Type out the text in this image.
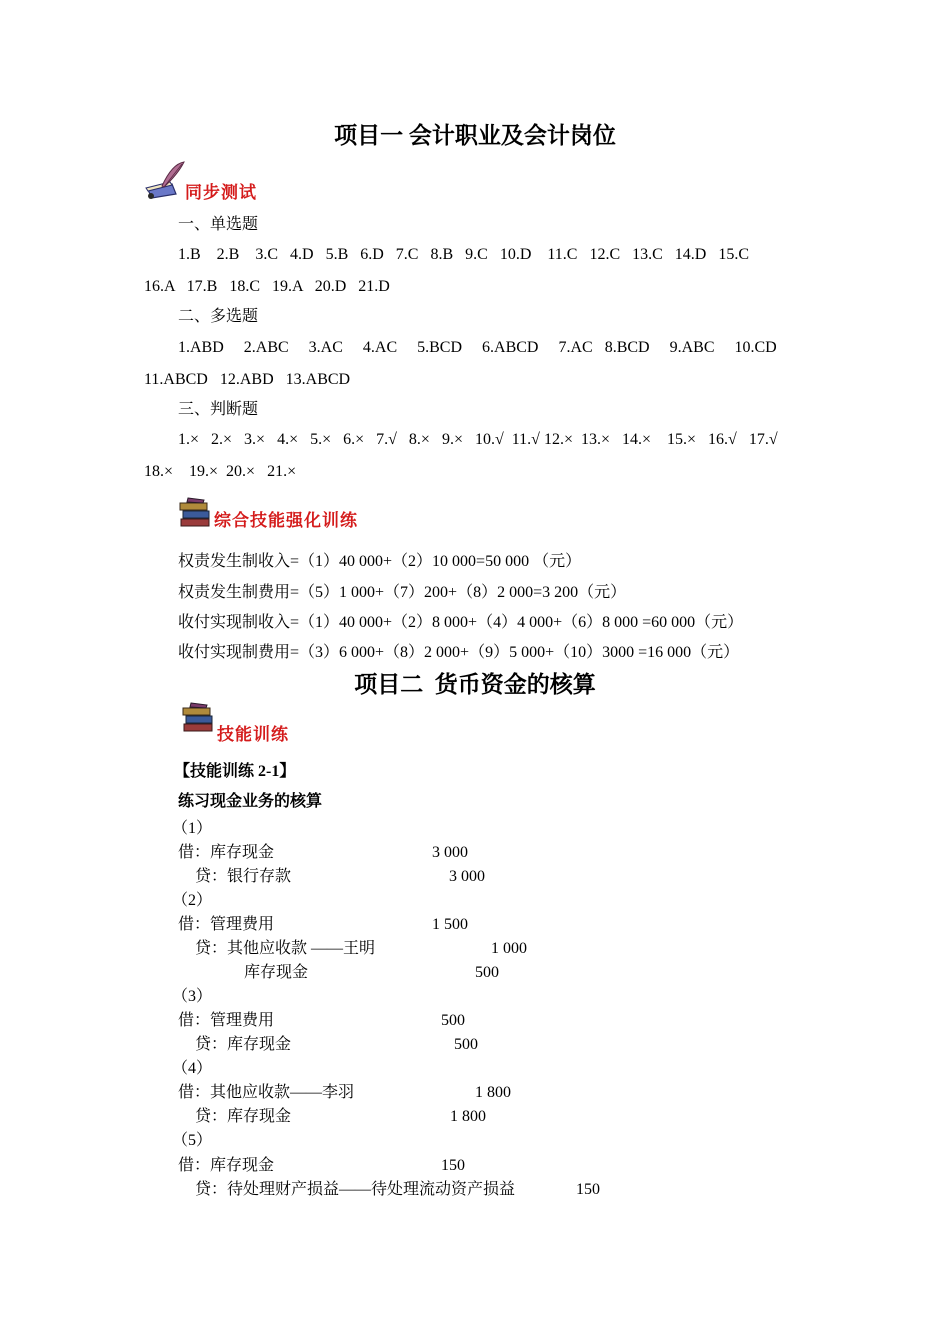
项目一 会计职业及会计岗位
同步测试
一、单选题
1.B    2.B    3.C   4.D   5.B   6.D   7.C   8.B   9.C   10.D    11.C   12.C   13.C   14.D   15.C
16.A   17.B   18.C   19.A   20.D   21.D
二、多选题
1.ABD     2.ABC     3.AC     4.AC     5.BCD     6.ABCD     7.AC   8.BCD     9.ABC     10.CD
11.ABCD   12.ABD   13.ABCD
三、判断题
1.×   2.×   3.×   4.×   5.×   6.×   7.√   8.×   9.×   10.√  11.√ 12.×  13.×   14.×    15.×   16.√   17.√
18.×    19.×  20.×   21.×
综合技能强化训练
权责发生制收入=（1）40 000+（2）10 000=50 000 （元）
权责发生制费用=（5）1 000+（7）200+（8）2 000=3 200（元）
收付实现制收入=（1）40 000+（2）8 000+（4）4 000+（6）8 000 =60 000（元）
收付实现制费用=（3）6 000+（8）2 000+（9）5 000+（10）3000 =16 000（元）
项目二  货币资金的核算
技能训练
【技能训练 2-1】
练习现金业务的核算
（1）
借：库存现金	3 000
贷：银行存款	3 000
（2）
借：管理费用	1 500
贷：其他应收款 ——王明	1 000
库存现金	500
（3）
借：管理费用	500
贷：库存现金	500
（4）
借：其他应收款——李羽	1 800
贷：库存现金	1 800
（5）
借：库存现金	150
贷：待处理财产损益——待处理流动资产损益	150
